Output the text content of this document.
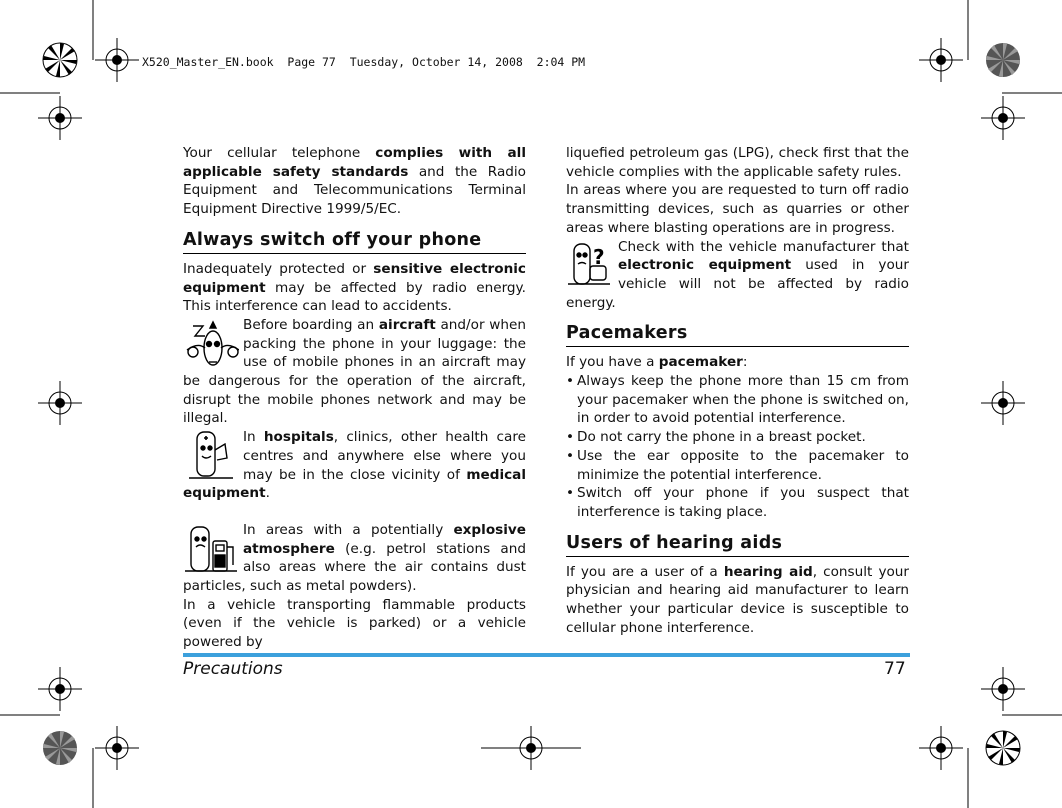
X520_Master_EN.book  Page 77  Tuesday, October 14, 2008  2:04 PM

Your cellular telephone complies with all applicable safety standards and the Radio Equipment and Telecommunications Terminal Equipment Directive 1999/5/EC.

Always switch off your phone

Inadequately protected or sensitive electronic equipment may be affected by radio energy. This interference can lead to accidents.

Before boarding an aircraft and/or when packing the phone in your luggage: the use of mobile phones in an aircraft may be dangerous for the operation of the aircraft, disrupt the mobile phones network and may be illegal.

In hospitals, clinics, other health care centres and anywhere else where you may be in the close vicinity of medical equipment.

In areas with a potentially explosive atmosphere (e.g. petrol stations and also areas where the air contains dust particles, such as metal powders).

In a vehicle transporting flammable products (even if the vehicle is parked) or a vehicle powered by

liquefied petroleum gas (LPG), check first that the vehicle complies with the applicable safety rules.

In areas where you are requested to turn off radio transmitting devices, such as quarries or other areas where blasting operations are in progress.

? Check with the vehicle manufacturer that electronic equipment used in your vehicle will not be affected by radio energy.

Pacemakers

If you have a pacemaker:

• Always keep the phone more than 15 cm from your pacemaker when the phone is switched on, in order to avoid potential interference.
• Do not carry the phone in a breast pocket.
• Use the ear opposite to the pacemaker to minimize the potential interference.
• Switch off your phone if you suspect that interference is taking place.
Users of hearing aids

If you are a user of a hearing aid, consult your physician and hearing aid manufacturer to learn whether your particular device is susceptible to cellular phone interference.

Precautions	77
